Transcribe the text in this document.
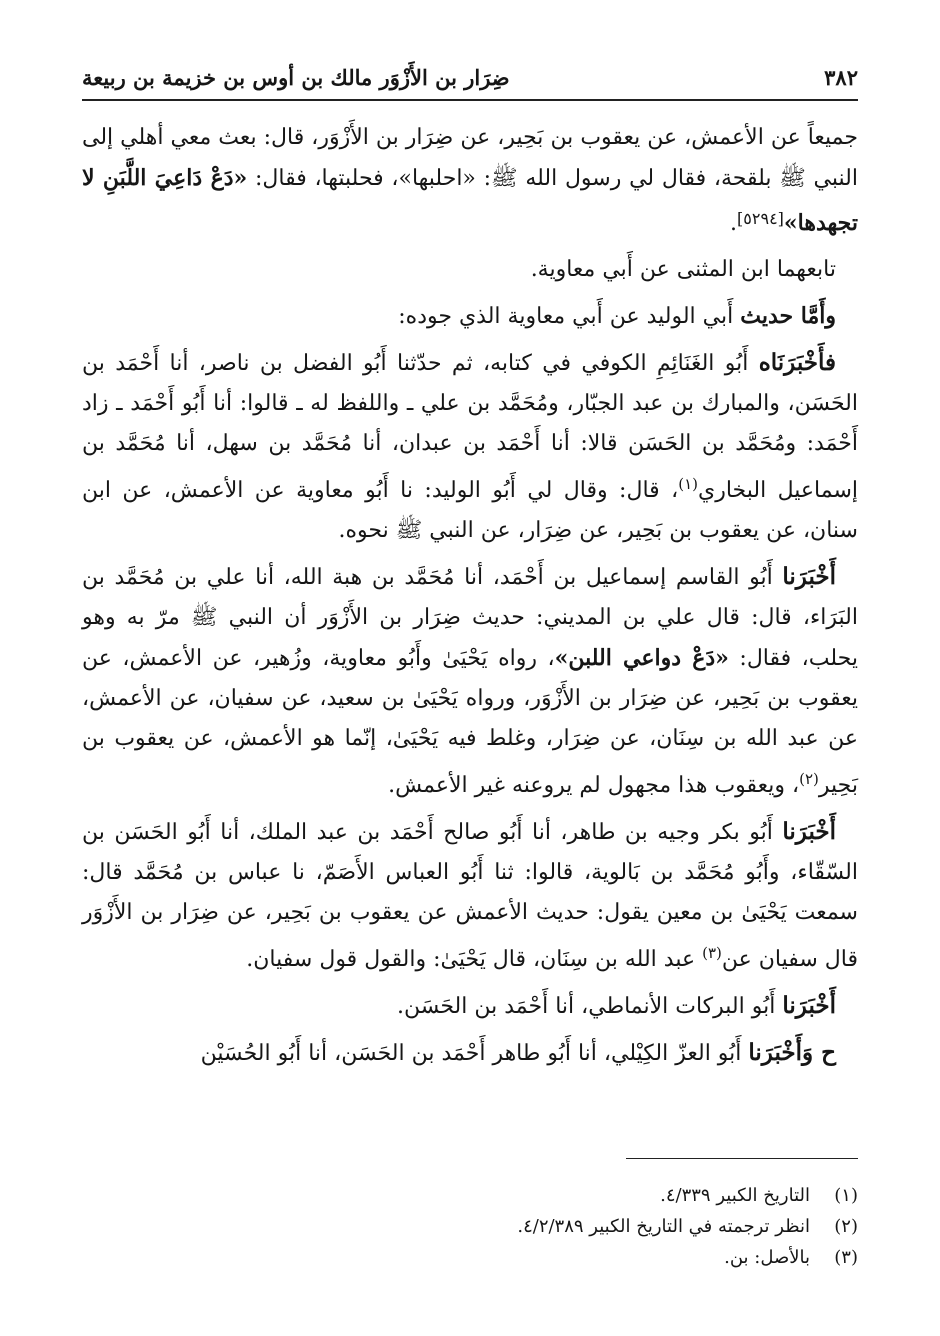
٣٨٢
ضِرَار بن الأَزْوَر مالك بن أوس بن خزيمة بن ربيعة

جميعاً عن الأعمش، عن يعقوب بن بَحِير، عن ضِرَار بن الأَزْوَر، قال: بعث معي أهلي إلى النبي ﷺ بلقحة، فقال لي رسول الله ﷺ: «احلبها»، فحلبتها، فقال: «دَعْ دَاعِيَ اللَّبَنِ لا تجهدها»[٥٢٩٤].

تابعهما ابن المثنى عن أَبي معاوية.

وأَمَّا حديث أَبي الوليد عن أَبي معاوية الذي جوده:

فأَخْبَرَنَاه أَبُو الغَنَائِمِ الكوفي في كتابه، ثم حدّثنا أَبُو الفضل بن ناصر، أنا أَحْمَد بن الحَسَن، والمبارك بن عبد الجبّار، ومُحَمَّد بن علي ـ واللفظ له ـ قالوا: أنا أَبُو أَحْمَد ـ زاد أَحْمَد: ومُحَمَّد بن الحَسَن قالا: أنا أَحْمَد بن عبدان، أنا مُحَمَّد بن سهل، أنا مُحَمَّد بن إسماعيل البخاري$^{(١)}$، قال: وقال لي أَبُو الوليد: نا أَبُو معاوية عن الأعمش، عن ابن سنان، عن يعقوب بن بَحِير، عن ضِرَار، عن النبي ﷺ نحوه.

أَخْبَرَنا أَبُو القاسم إسماعيل بن أَحْمَد، أنا مُحَمَّد بن هبة الله، أنا علي بن مُحَمَّد بن البَرَاء، قال: قال علي بن المديني: حديث ضِرَار بن الأَزْوَر أن النبي ﷺ مرّ به وهو يحلب، فقال: «دَعْ دواعي اللبن»، رواه يَحْيَىٰ وأَبُو معاوية، وزُهير، عن الأعمش، عن يعقوب بن بَحِير، عن ضِرَار بن الأَزْوَر، ورواه يَحْيَىٰ بن سعيد، عن سفيان، عن الأعمش، عن عبد الله بن سِنَان، عن ضِرَار، وغلط فيه يَحْيَىٰ، إنّما هو الأعمش، عن يعقوب بن بَحِير$^{(٢)}$، ويعقوب هذا مجهول لم يروعنه غير الأعمش.

أَخْبَرَنا أَبُو بكر وجيه بن طاهر، أنا أَبُو صالح أَحْمَد بن عبد الملك، أنا أَبُو الحَسَن بن السّقّاء، وأَبُو مُحَمَّد بن بَالوية، قالوا: ثنا أَبُو العباس الأَصَمّ، نا عباس بن مُحَمَّد قال: سمعت يَحْيَىٰ بن معين يقول: حديث الأعمش عن يعقوب بن بَحِير، عن ضِرَار بن الأَزْوَر قال سفيان عن$^{(٣)}$ عبد الله بن سِنَان، قال يَحْيَىٰ: والقول قول سفيان.

أَخْبَرَنا أَبُو البركات الأنماطي، أنا أَحْمَد بن الحَسَن.

ح وَأَخْبَرَنا أَبُو العزّ الكِيْلي، أنا أَبُو طاهر أَحْمَد بن الحَسَن، أنا أَبُو الحُسَيْن

(١)
التاريخ الكبير ٤/٣٣٩.
(٢)
انظر ترجمته في التاريخ الكبير ٤/٢/٣٨٩.
(٣)
بالأصل: بن.
